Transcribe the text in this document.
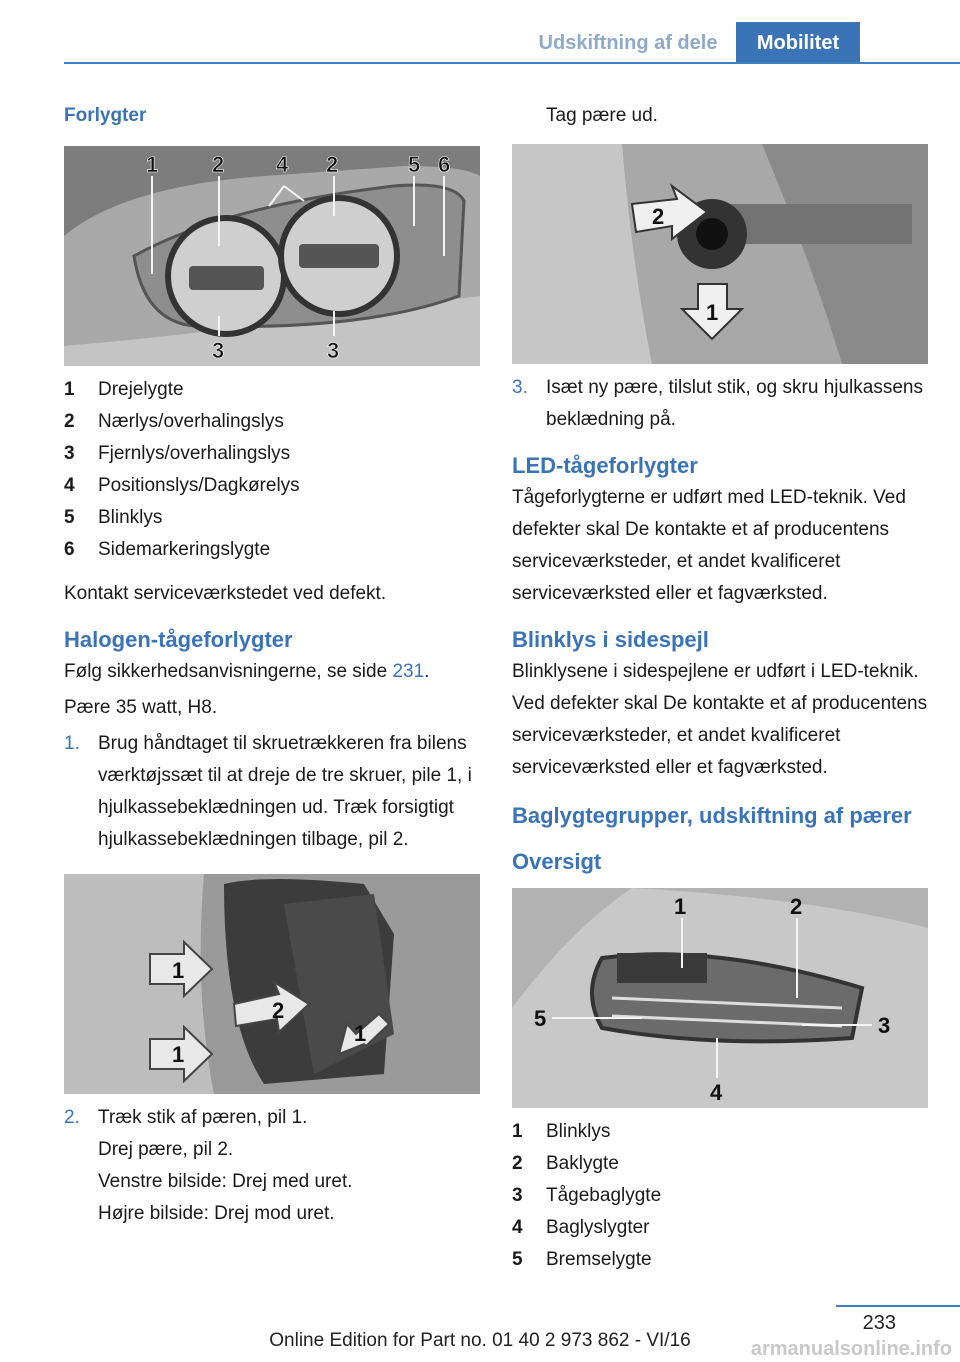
Udskiftning af dele	Mobilitet
Forlygter
1 2 4 2	5 6
3	3
1	Drejelygte
2	Nærlys/overhalingslys
3	Fjernlys/overhalingslys
4	Positionslys/Dagkørelys
5	Blinklys
6	Sidemarkeringslygte

Kontakt serviceværkstedet ved defekt.

Halogen-tågeforlygter

Følg sikkerhedsanvisningerne, se side 231.

Pære 35 watt, H8.

1. Brug håndtaget til skruetrækkeren fra bilens værktøjssæt til at dreje de tre skruer, pile 1, i hjulkassebeklædningen ud. Træk forsigtigt hjulkassebeklædningen tilbage, pil 2.
1
2
1
1
2. Træk stik af pæren, pil 1.
Drej pære, pil 2.
Venstre bilside: Drej med uret.
Højre bilside: Drej mod uret.

Tag pære ud.

2
1
3. Isæt ny pære, tilslut stik, og skru hjulkassens beklædning på.
LED-tågeforlygter

Tågeforlygterne er udført med LED-teknik. Ved defekter skal De kontakte et af producentens serviceværksteder, et andet kvalificeret serviceværksted eller et fagværksted.

Blinklys i sidespejl

Blinklysene i sidespejlene er udført i LED-teknik. Ved defekter skal De kontakte et af producentens serviceværksteder, et andet kvalificeret serviceværksted eller et fagværksted.

Baglygtegrupper, udskiftning af pærer
Oversigt
1	2
5	3
4
1	Blinklys
2	Baklygte
3	Tågebaglygte
4	Baglyslygter
5	Bremselygte
233
Online Edition for Part no. 01 40 2 973 862 - VI/16	armanualsonline.info
